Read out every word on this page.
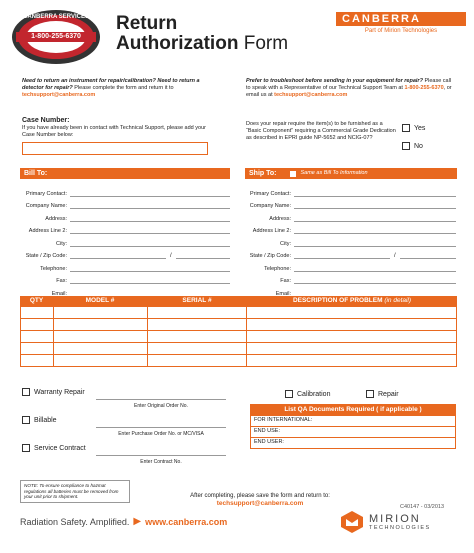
CANBERRA SERVICES
1-800-255-6370
Return
Authorization Form
CANBERRA
Part of Mirion Technologies
Need to return an instrument for repair/calibration? Need to return a detector for repair? Please complete the form and return it to techsupport@canberra.com
Prefer to troubleshoot before sending in your equipment for repair? Please call to speak with a Representative of our Technical Support Team at 1-800-255-6370, or email us at techsupport@canberra.com
Case Number:
If you have already been in contact with Technical Support, please add your Case Number below:
Does your repair require the item(s) to be furnished as a “Basic Component” requiring a Commercial Grade Dedication as described in EPRI guide NP-5652 and NCIG-07?
Yes
No
Bill To:	Ship To:	Same as Bill To Information
Primary Contact:
Company Name:
Address:
Address Line 2:
City:
State / Zip Code:	/
Telephone:
Fax:
Email:
Primary Contact:
Company Name:
Address:
Address Line 2:
City:
State / Zip Code:	/
Telephone:
Fax:
Email:
QTY	MODEL #	SERIAL #	DESCRIPTION OF PROBLEM (in detail)

Warranty Repair
Enter Original Order No.
Billable
Enter Purchase Order No. or MC/VISA
Service Contract
Enter Contract No.
Calibration	Repair
List QA Documents Required ( if applicable )
FOR INTERNATIONAL:
END USE:
END USER:
NOTE: To ensure compliance to hazmat regulations all batteries must be removed from your unit prior to shipment.	After completing, please save the form and return to:
techsupport@canberra.com	C40147 - 03/2013
Radiation Safety. Amplified. ▶ www.canberra.com	MIRION
TECHNOLOGIES
